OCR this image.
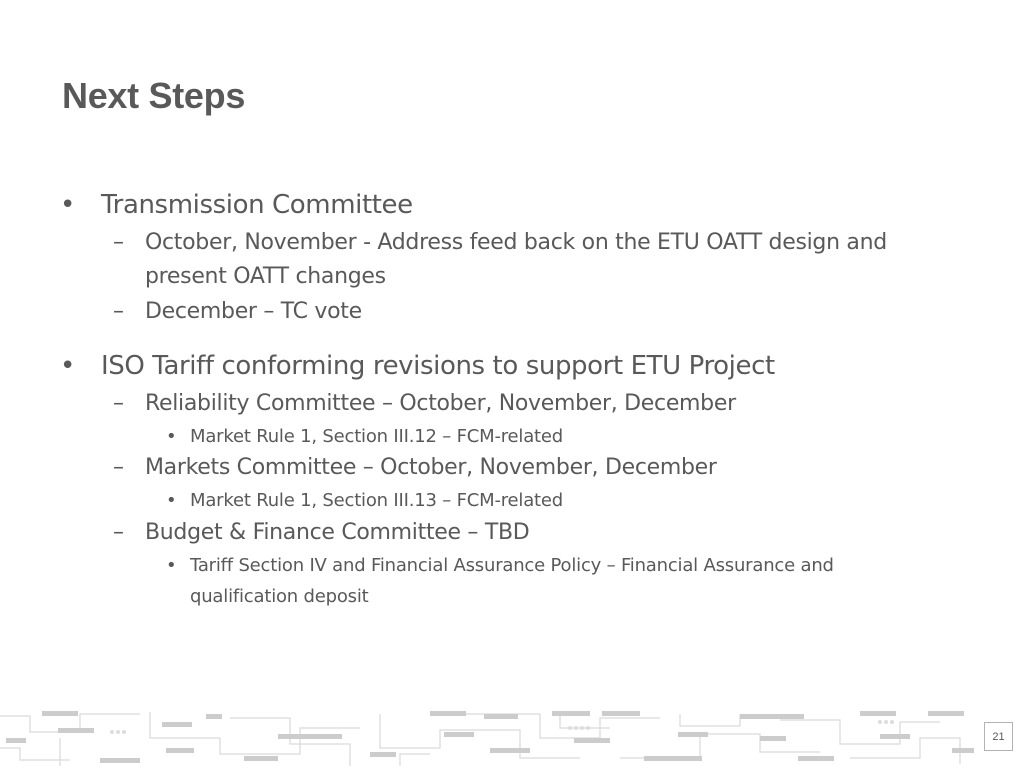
Next Steps
• Transmission Committee
– October, November - Address feed back on the ETU OATT design and
present OATT changes
– December – TC vote
• ISO Tariff conforming revisions to support ETU Project
– Reliability Committee – October, November, December
• Market Rule 1, Section III.12 – FCM-related
– Markets Committee – October, November, December
• Market Rule 1, Section III.13 – FCM-related
– Budget & Finance Committee – TBD
• Tariff Section IV and Financial Assurance Policy – Financial Assurance and
qualification deposit
21
